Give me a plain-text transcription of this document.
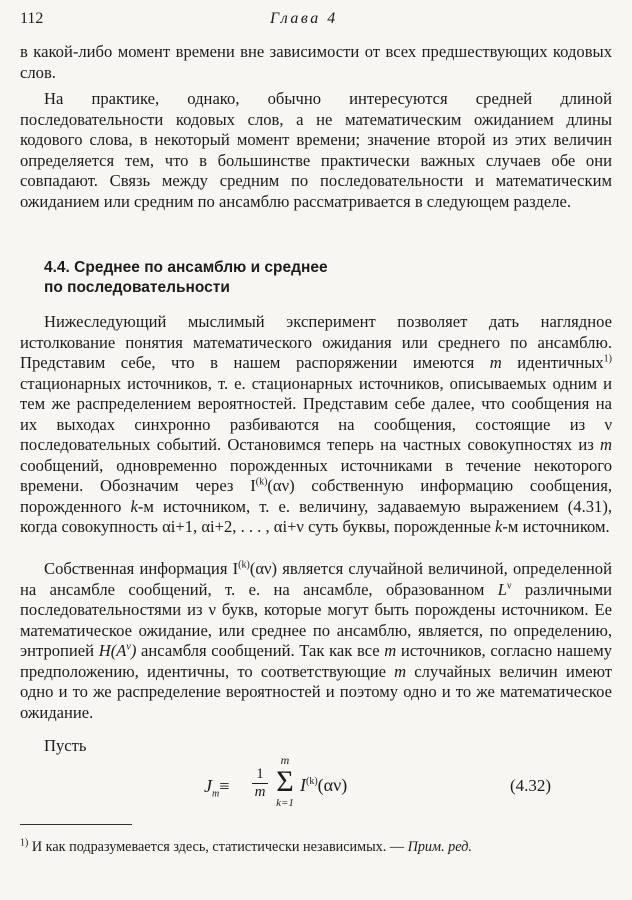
112	Глава 4

в какой-либо момент времени вне зависимости от всех предшествующих кодовых слов.

На практике, однако, обычно интересуются средней длиной последовательности кодовых слов, а не математическим ожиданием длины кодового слова, в некоторый момент времени; значение второй из этих величин определяется тем, что в большинстве практически важных случаев обе они совпадают. Связь между средним по последовательности и математическим ожиданием или средним по ансамблю рассматривается в следующем разделе.

4.4. Среднее по ансамблю и среднее
по последовательности

Нижеследующий мыслимый эксперимент позволяет дать наглядное истолкование понятия математического ожидания или среднего по ансамблю. Представим себе, что в нашем распоряжении имеются m идентичных$^{1)}$ стационарных источников, т. е. стационарных источников, описываемых одним и тем же распределением вероятностей. Представим себе далее, что сообщения на их выходах синхронно разбиваются на сообщения, состоящие из ν последовательных событий. Остановимся теперь на частных совокупностях из m сообщений, одновременно порожденных источниками в течение некоторого времени. Обозначим через $I^{(k)}(\alpha\nu)$ собственную информацию сообщения, порожденного k-м источником, т. е. величину, задаваемую выражением (4.31), когда совокупность αi+1, αi+2, . . . , αi+ν суть буквы, порожденные k-м источником.

Собственная информация $I^{(k)}(\alpha\nu)$ является случайной величиной, определенной на ансамбле сообщений, т. е. на ансамбле, образованном $L^\nu$ различными последовательностями из ν букв, которые могут быть порождены источником. Ее математическое ожидание, или среднее по ансамблю, является, по определению, энтропией $H(A^\nu)$ ансамбля сообщений. Так как все m источников, согласно нашему предположению, идентичны, то соответствующие m случайных величин имеют одно и то же распределение вероятностей и поэтому одно и то же математическое ожидание.

Пусть

$J_m\equiv \frac{1}{m}$
m
Σ
k=1
$I^{(k)}(\alpha\nu)$	(4.32)
$^{1)}$ И как подразумевается здесь, статистически независимых. — Прим. ред.
